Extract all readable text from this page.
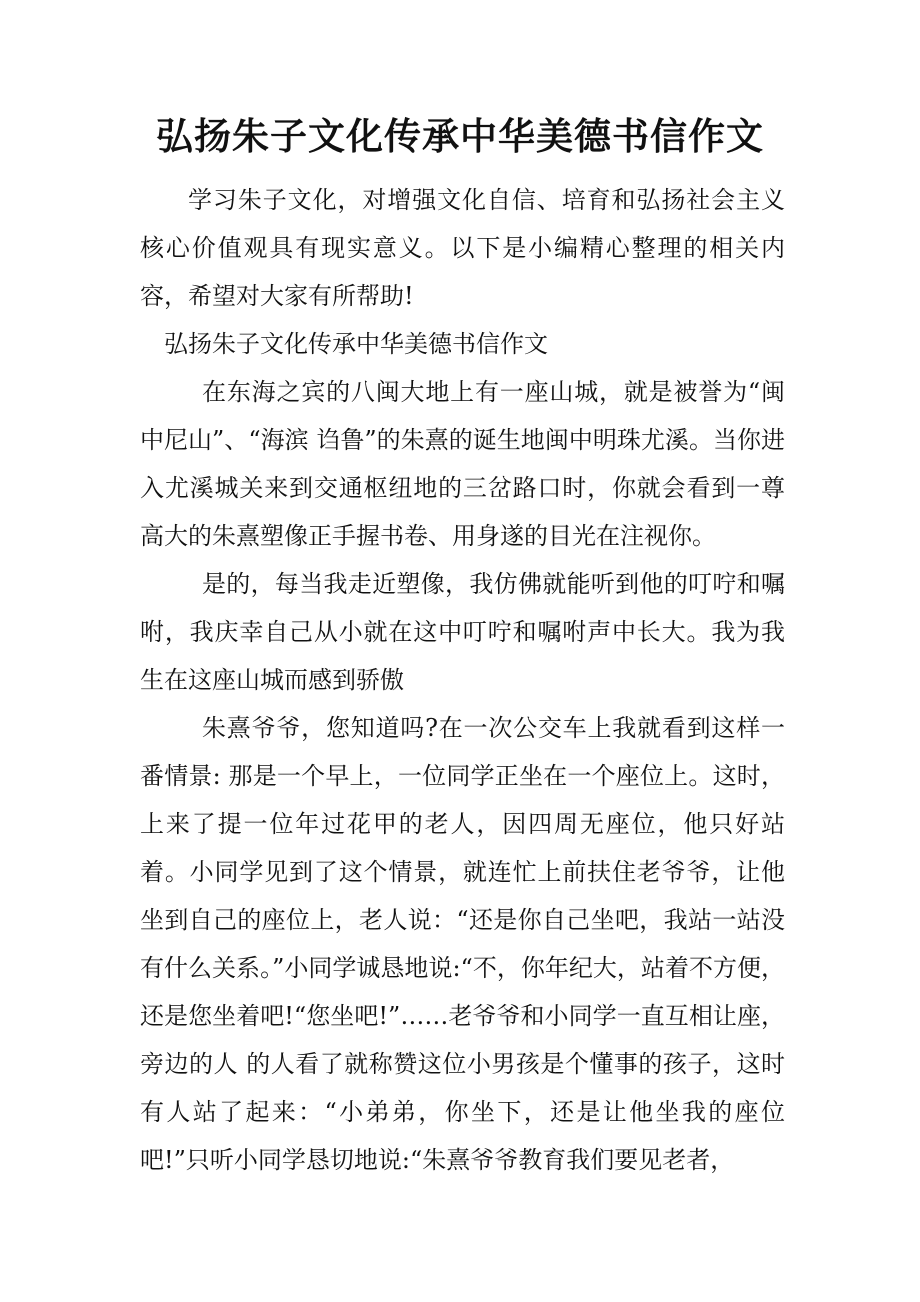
弘扬朱子文化传承中华美德书信作文

学习朱子文化，对增强文化自信、培育和弘扬社会主义核心价值观具有现实意义。以下是小编精心整理的相关内容，希望对大家有所帮助!

弘扬朱子文化传承中华美德书信作文

在东海之宾的八闽大地上有一座山城，就是被誉为“闽中尼山”、“海滨 诌鲁”的朱熹的诞生地闽中明珠尤溪。当你进入尤溪城关来到交通枢纽地的三岔路口时，你就会看到一尊高大的朱熹塑像正手握书卷、用身遂的目光在注视你。

是的，每当我走近塑像，我仿佛就能听到他的叮咛和嘱咐，我庆幸自己从小就在这中叮咛和嘱咐声中长大。我为我生在这座山城而感到骄傲

朱熹爷爷，您知道吗?在一次公交车上我就看到这样一番情景: 那是一个早上，一位同学正坐在一个座位上。这时，上来了提一位年过花甲的老人，因四周无座位，他只好站着。小同学见到了这个情景，就连忙上前扶住老爷爷，让他坐到自己的座位上，老人说：“还是你自己坐吧，我站一站没有什么关系。”小同学诚恳地说:“不，你年纪大，站着不方便，还是您坐着吧!“您坐吧!”……老爷爷和小同学一直互相让座，旁边的人 的人看了就称赞这位小男孩是个懂事的孩子，这时有人站了起来：“小弟弟，你坐下，还是让他坐我的座位吧!”只听小同学恳切地说:“朱熹爷爷教育我们要见老者，
